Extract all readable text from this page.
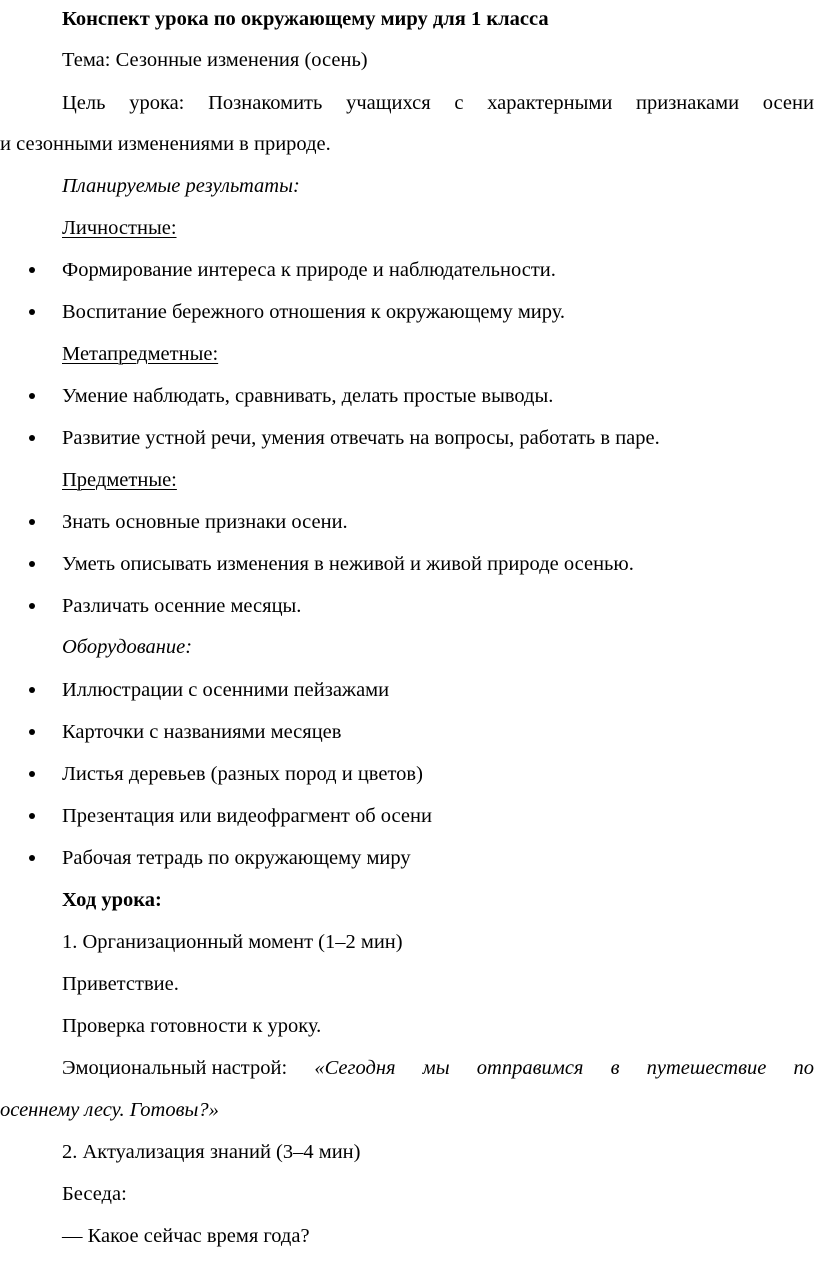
Конспект урока по окружающему миру для 1 класса
Тема: Сезонные изменения (осень)
Цель урока: Познакомить учащихся с характерными признаками осени
и сезонными изменениями в природе.
Планируемые результаты:
Личностные:
Формирование интереса к природе и наблюдательности.
Воспитание бережного отношения к окружающему миру.
Метапредметные:
Умение наблюдать, сравнивать, делать простые выводы.
Развитие устной речи, умения отвечать на вопросы, работать в паре.
Предметные:
Знать основные признаки осени.
Уметь описывать изменения в неживой и живой природе осенью.
Различать осенние месяцы.
Оборудование:
Иллюстрации с осенними пейзажами
Карточки с названиями месяцев
Листья деревьев (разных пород и цветов)
Презентация или видеофрагмент об осени
Рабочая тетрадь по окружающему миру
Ход урока:
1. Организационный момент (1–2 мин)
Приветствие.
Проверка готовности к уроку.
Эмоциональный настрой: «Сегодня мы отправимся в путешествие по
осеннему лесу. Готовы?»
2. Актуализация знаний (3–4 мин)
Беседа:
— Какое сейчас время года?
